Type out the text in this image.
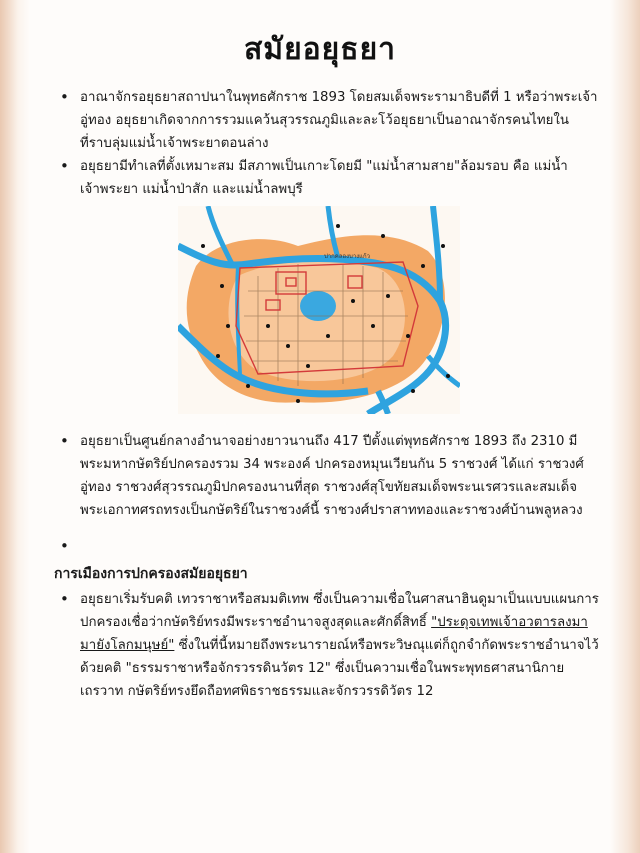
สมัยอยุธยา
• อาณาจักรอยุธยาสถาปนาในพุทธศักราช 1893 โดยสมเด็จพระรามาธิบดีที่ 1 หรือว่าพระเจ้าอู่ทอง อยุธยาเกิดจากการรวมแคว้นสุวรรณภูมิและละโว้อยุธยาเป็นอาณาจักรคนไทยในที่ราบลุ่มแม่น้ำเจ้าพระยาตอนล่าง
• อยุธยามีทำเลที่ตั้งเหมาะสม มีสภาพเป็นเกาะโดยมี "แม่น้ำสามสาย"ล้อมรอบ คือ แม่น้ำเจ้าพระยา แม่น้ำป่าสัก และแม่น้ำลพบุรี
ปากคลองบางแก้ว
• อยุธยาเป็นศูนย์กลางอำนาจอย่างยาวนานถึง 417 ปีตั้งแต่พุทธศักราช 1893 ถึง 2310 มีพระมหากษัตริย์ปกครองรวม 34 พระองค์ ปกครองหมุนเวียนกัน 5 ราชวงศ์ ได้แก่ ราชวงศ์อู่ทอง ราชวงศ์สุวรรณภูมิปกครองนานที่สุด ราชวงศ์สุโขทัยสมเด็จพระนเรศวรและสมเด็จพระเอกาทศรถทรงเป็นกษัตริย์ในราชวงศ์นี้ ราชวงศ์ปราสาททองและราชวงศ์บ้านพลูหลวง
•
การเมืองการปกครองสมัยอยุธยา
• อยุธยาเริ่มรับคติ เทวราชาหรือสมมติเทพ ซึ่งเป็นความเชื่อในศาสนาฮินดูมาเป็นแบบแผนการปกครองเชื่อว่ากษัตริย์ทรงมีพระราชอำนาจสูงสุดและศักดิ์สิทธิ์ "ประดุจเทพเจ้าอวตารลงมามายังโลกมนุษย์" ซึ่งในที่นี้หมายถึงพระนารายณ์หรือพระวิษณุแต่ก็ถูกจำกัดพระราชอำนาจไว้ด้วยคติ "ธรรมราชาหรือจักรวรรดินวัตร 12" ซึ่งเป็นความเชื่อในพระพุทธศาสนานิกายเถรวาท กษัตริย์ทรงยึดถือทศพิธราชธรรมและจักรวรรดิวัตร 12
